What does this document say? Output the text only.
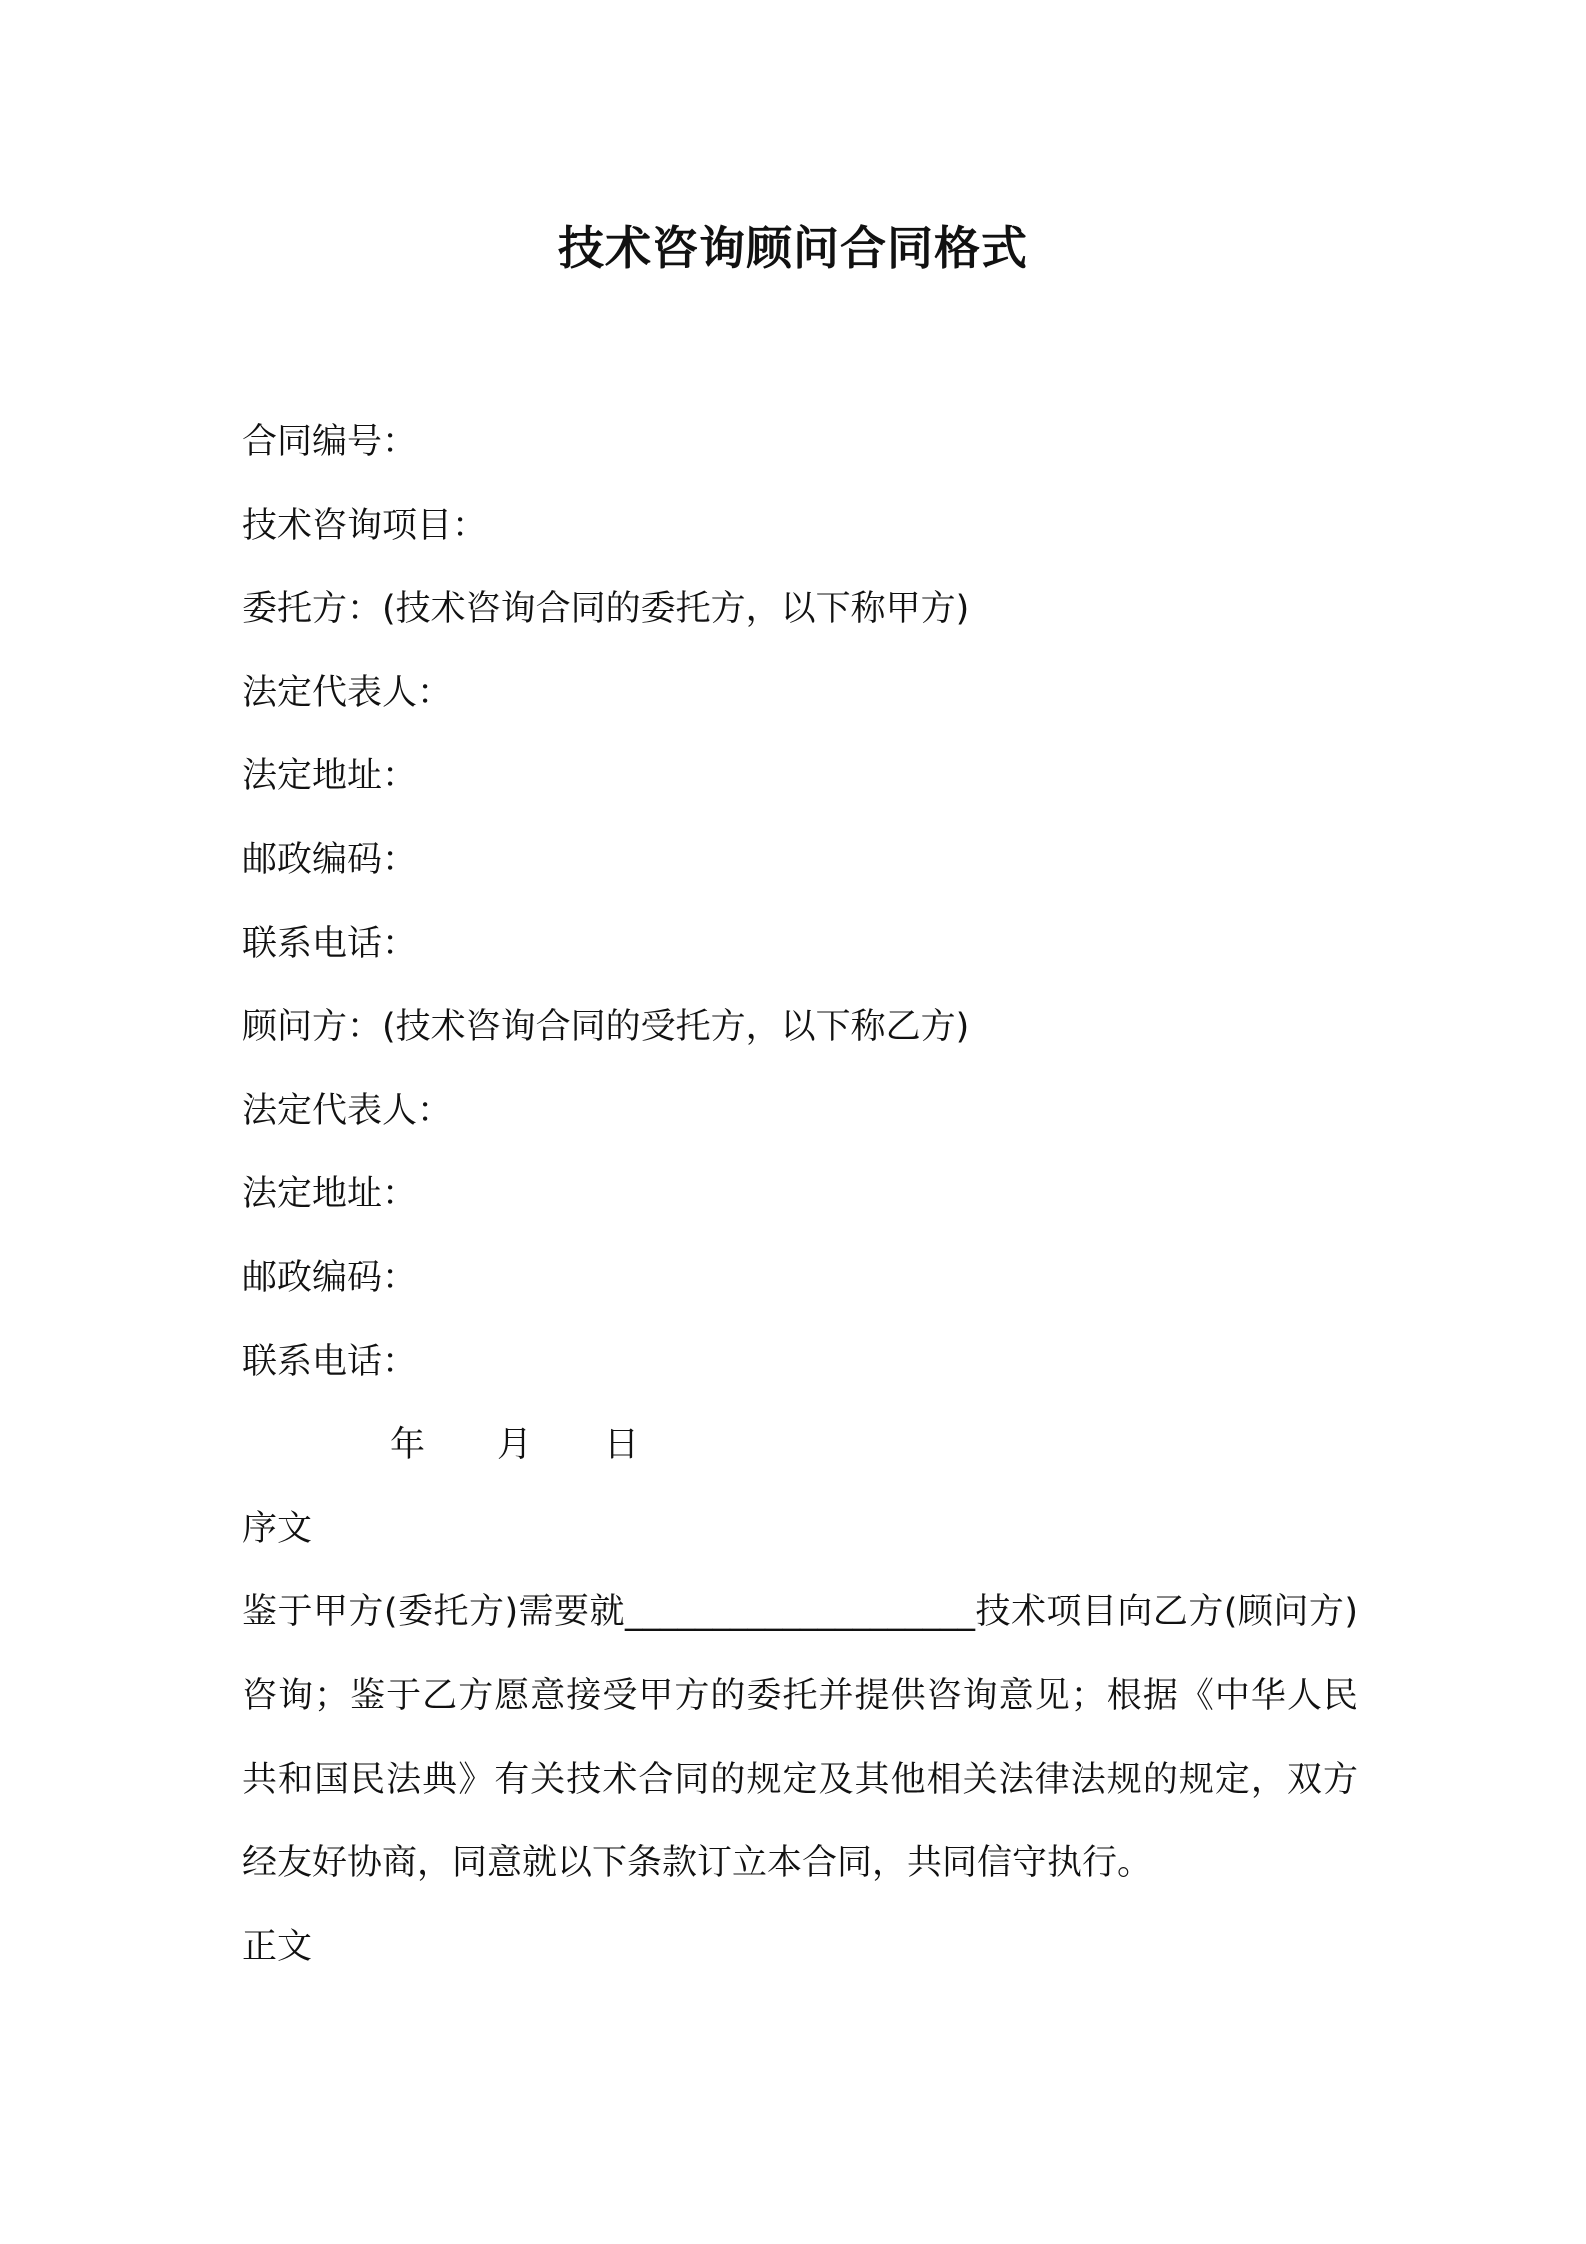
技术咨询顾问合同格式
合同编号：
技术咨询项目：
委托方：(技术咨询合同的委托方，以下称甲方)
法定代表人：
法定地址：
邮政编码：
联系电话：
顾问方：(技术咨询合同的受托方，以下称乙方)
法定代表人：
法定地址：
邮政编码：
联系电话：
年 月 日
序文
鉴于甲方(委托方)需要就____________________技术项目向乙方(顾问方)咨询；鉴于乙方愿意接受甲方的委托并提供咨询意见；根据《中华人民共和国民法典》有关技术合同的规定及其他相关法律法规的规定，双方经友好协商，同意就以下条款订立本合同，共同信守执行。
正文
